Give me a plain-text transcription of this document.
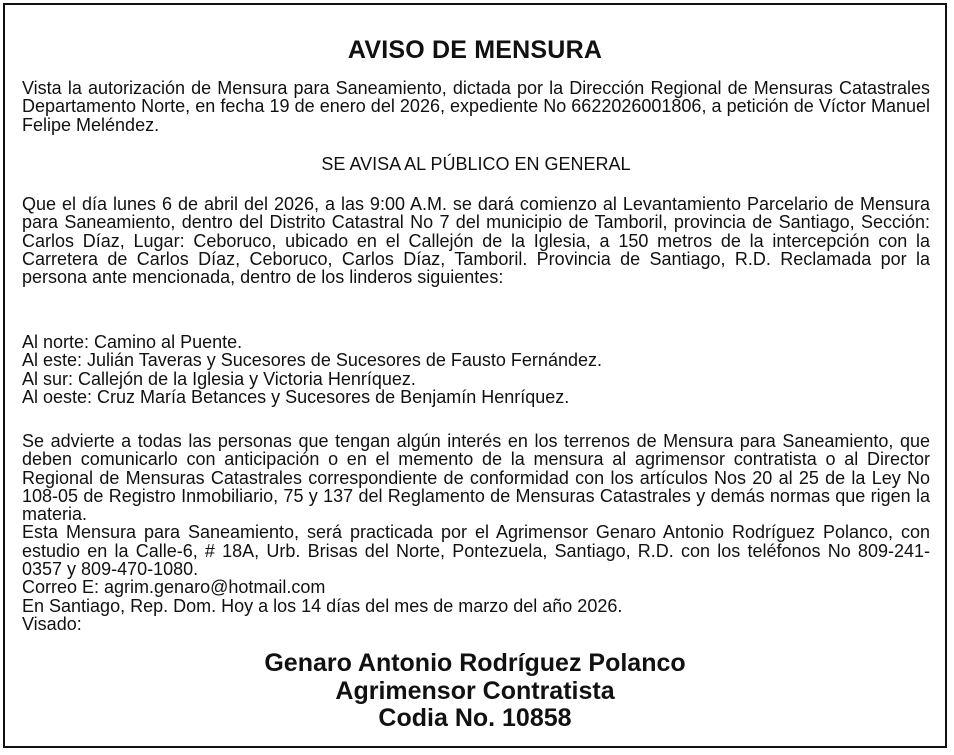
AVISO DE MENSURA

Vista la autorización de Mensura para Saneamiento, dictada por la Dirección Regional de Mensuras Catastrales Departamento Norte, en fecha 19 de enero del 2026, expediente No 6622026001806, a petición de Víctor Manuel Felipe Meléndez.

SE AVISA AL PÚBLICO EN GENERAL

Que el día lunes 6 de abril del 2026, a las 9:00 A.M. se dará comienzo al Levantamiento Parcelario de Mensura para Saneamiento, dentro del Distrito Catastral No 7 del municipio de Tamboril, provincia de Santiago, Sección: Carlos Díaz, Lugar: Ceboruco, ubicado en el Callejón de la Iglesia, a 150 metros de la intercepción con la Carretera de Carlos Díaz, Ceboruco, Carlos Díaz, Tamboril. Provincia de Santiago, R.D. Reclamada por la persona ante mencionada, dentro de los linderos siguientes:

Al norte: Camino al Puente.
Al este: Julián Taveras y Sucesores de Sucesores de Fausto Fernández.
Al sur: Callejón de la Iglesia y Victoria Henríquez.
Al oeste: Cruz María Betances y Sucesores de Benjamín Henríquez.
Se advierte a todas las personas que tengan algún interés en los terrenos de Mensura para Saneamiento, que deben comunicarlo con anticipación o en el memento de la mensura al agrimensor contratista o al Director Regional de Mensuras Catastrales correspondiente de conformidad con los artículos Nos 20 al 25 de la Ley No 108-05 de Registro Inmobiliario, 75 y 137 del Reglamento de Mensuras Catastrales y demás normas que rigen la materia.
Esta Mensura para Saneamiento, será practicada por el Agrimensor Genaro Antonio Rodríguez Polanco, con estudio en la Calle-6, # 18A, Urb. Brisas del Norte, Pontezuela, Santiago, R.D. con los teléfonos No 809-241-0357 y 809-470-1080.
Correo E: agrim.genaro@hotmail.com
En Santiago, Rep. Dom. Hoy a los 14 días del mes de marzo del año 2026.
Visado:
Genaro Antonio Rodríguez Polanco
Agrimensor Contratista
Codia No. 10858
